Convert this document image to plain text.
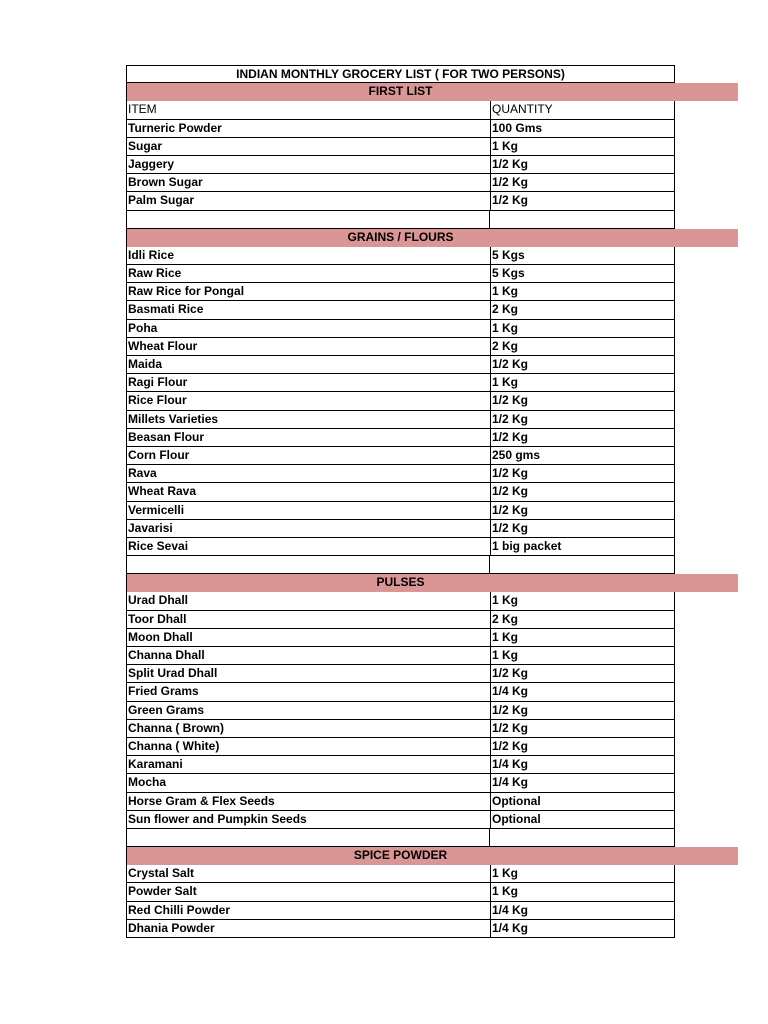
INDIAN MONTHLY GROCERY LIST ( FOR TWO PERSONS)
FIRST LIST
ITEM	QUANTITY
Turneric Powder	100 Gms
Sugar	1 Kg
Jaggery	1/2 Kg
Brown Sugar	1/2 Kg
Palm Sugar	1/2 Kg
GRAINS / FLOURS
Idli Rice	5 Kgs
Raw Rice	5 Kgs
Raw Rice for Pongal	1 Kg
Basmati Rice	2 Kg
Poha	1 Kg
Wheat Flour	2 Kg
Maida	1/2 Kg
Ragi Flour	1 Kg
Rice Flour	1/2 Kg
Millets Varieties	1/2 Kg
Beasan Flour	1/2 Kg
Corn Flour	250 gms
Rava	1/2 Kg
Wheat Rava	1/2 Kg
Vermicelli	1/2 Kg
Javarisi	1/2 Kg
Rice Sevai	1 big packet
PULSES
Urad Dhall	1 Kg
Toor Dhall	2 Kg
Moon Dhall	1 Kg
Channa Dhall	1 Kg
Split Urad Dhall	1/2 Kg
Fried Grams	1/4 Kg
Green Grams	1/2 Kg
Channa ( Brown)	1/2 Kg
Channa ( White)	1/2 Kg
Karamani	1/4 Kg
Mocha	1/4 Kg
Horse Gram & Flex Seeds	Optional
Sun flower and Pumpkin Seeds	Optional
SPICE POWDER
Crystal Salt	1 Kg
Powder Salt	1 Kg
Red Chilli Powder	1/4 Kg
Dhania Powder	1/4 Kg
